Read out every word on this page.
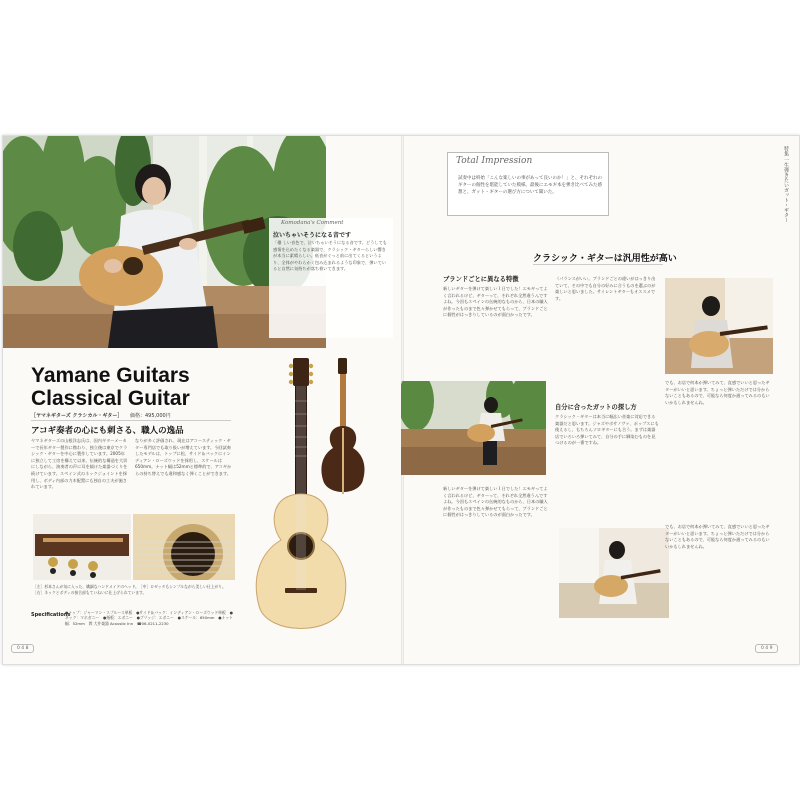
Komodana's Comment
泣いちゃいそうになる音です

「優 しい音色で、泣いちゃいそうになる音です。どうしても感情を込めたくなる楽器で、クラシック・ギターらしい響きが本当に素晴らしい。低音がぐっと前に出てくるというより、全体がやわらかく包み込まれるような印象で、弾いていると自然に気持ちが落ち着いてきます。

Yamane Guitars
Classical Guitar
［ヤマネギターズ クラシカル・ギター］ 価格：495,000円
アコギ奏者の心にも刺さる、職人の逸品

ヤマネギターズの山根洋志氏は、国内ギターメーカーで長年ギター製作に携わり、独立後は東京でクラシック・ギターを中心に製作しています。2005年に独立して工房を構えて以来、伝統的な構造を大切にしながら、演奏者の声に耳を傾けた楽器づくりを続けています。スペイン式のネックジョイントを採用し、ボディ内部の力木配置にも独自の工夫が施されています。

なりが多く評価され、現在はアコースティック・ギター専門店でも取り扱いが増えています。今回試奏したモデルは、トップに松、サイド＆バックにインディアン・ローズウッドを採用し、スケールは650mm。ナット幅は52mmと標準的で、アコギからの持ち替えでも違和感なく弾くことができます。

［左］杉本さんが気に入った、繊細なハンドメイドのヘッド。［中］ロゼッタもシンプルながら美しい仕上がり。［右］ネックとボディの接合部もていねいに仕上げられています。

Specifications

●トップ：ジャーマン・スプルース単板　●サイド＆バック：インディアン・ローズウッド単板　●ネック：マホガニー　●指板：エボニー　●ブリッジ：エボニー　●スケール：650mm　●ナット幅：52mm　問 大井楽器 Acoustic Inn　☎06-0211-2230

0 4 8
Total Impression

試奏中は終始「こんな楽しいの事があって良いのか！」と、それぞれのギターの個性を堪能していた模様。最後にエモギ本を弾き比べてみた感想と、ガット・ギターの選び方について聞いた。

クラシック・ギターは汎用性が高い
ブランドごとに異なる特徴

新しいギターを弾けて楽しい１日でした！エモギってよく言われるけど、ギターって、それぞれ全然違うんですよね。今回もスペインの伝統的なものから、日本の職人が作ったものまで色々弾かせてもらって、ブランドごとに個性がはっきりしているのが面白かったです。

（パランスがいい。ブランドごとの違いがはっきり出ていて、その中でも自分の好みに合うものを選ぶのが楽しいと思いました。サイレントギターもオススメです。

自分に合ったガットの探し方

クラシック・ギターは本当に幅広い音楽に対応できる楽器だと思います。ジャズやボサノヴァ、ポップスにも使えるし、もちろんソロギターにも合う。まずは楽器店でいろいろ弾いてみて、自分の手に馴染むものを見つけるのが一番ですね。

新しいギターを弾けて楽しい１日でした！エモギってよく言われるけど、ギターって、それぞれ全然違うんですよね。今回もスペインの伝統的なものから、日本の職人が作ったものまで色々弾かせてもらって、ブランドごとに個性がはっきりしているのが面白かったです。

でも、お店で何本か弾いてみて、直感でいいと思ったギターがいいと思います。ちょっと弾いただけでは分からないこともあるので、可能なら何度か通ってみるのもいいかもしれませんね。

でも、お店で何本か弾いてみて、直感でいいと思ったギターがいいと思います。ちょっと弾いただけでは分からないこともあるので、可能なら何度か通ってみるのもいいかもしれませんね。

特集 一生弾きたいガット・ギター
0 4 9
